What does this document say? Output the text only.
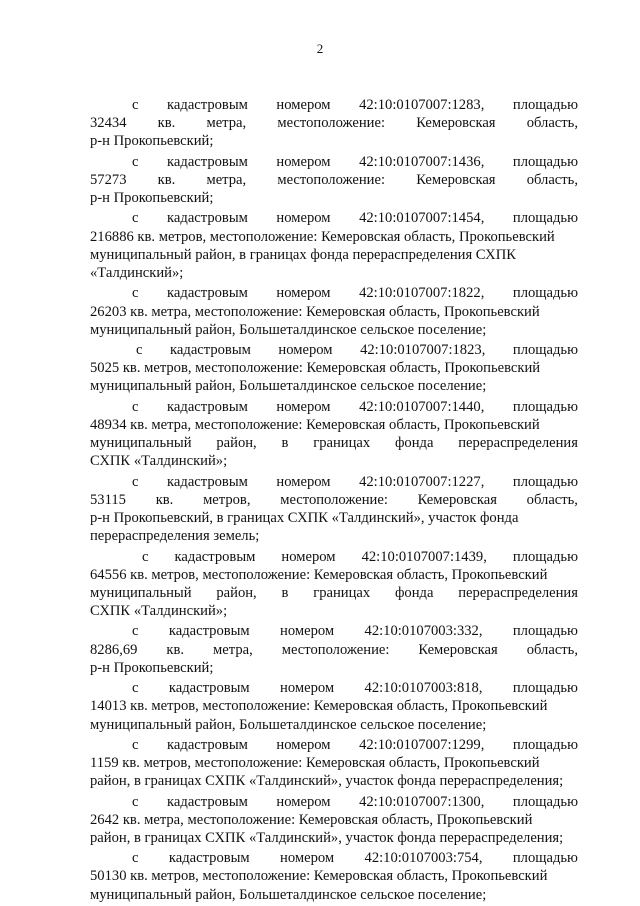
2
с кадастровым номером 42:10:0107007:1283, площадью
32434 кв. метра, местоположение: Кемеровская область,
р-н Прокопьевский;
с кадастровым номером 42:10:0107007:1436, площадью
57273 кв. метра, местоположение: Кемеровская область,
р-н Прокопьевский;
с кадастровым номером 42:10:0107007:1454, площадью
216886 кв. метров, местоположение: Кемеровская область, Прокопьевский
муниципальный район, в границах фонда перераспределения СХПК
«Талдинский»;
с кадастровым номером 42:10:0107007:1822, площадью
26203 кв. метра, местоположение: Кемеровская область, Прокопьевский
муниципальный район, Большеталдинское сельское поселение;
с кадастровым номером 42:10:0107007:1823, площадью
5025 кв. метров, местоположение: Кемеровская область, Прокопьевский
муниципальный район, Большеталдинское сельское поселение;
с кадастровым номером 42:10:0107007:1440, площадью
48934 кв. метра, местоположение: Кемеровская область, Прокопьевский
муниципальный район, в границах фонда перераспределения
СХПК «Талдинский»;
с кадастровым номером 42:10:0107007:1227, площадью
53115 кв. метров, местоположение: Кемеровская область,
р-н Прокопьевский, в границах СХПК «Талдинский», участок фонда
перераспределения земель;
с кадастровым номером 42:10:0107007:1439, площадью
64556 кв. метров, местоположение: Кемеровская область, Прокопьевский
муниципальный район, в границах фонда перераспределения
СХПК «Талдинский»;
с кадастровым номером 42:10:0107003:332, площадью
8286,69 кв. метра, местоположение: Кемеровская область,
р-н Прокопьевский;
с кадастровым номером 42:10:0107003:818, площадью
14013 кв. метров, местоположение: Кемеровская область, Прокопьевский
муниципальный район, Большеталдинское сельское поселение;
с кадастровым номером 42:10:0107007:1299, площадью
1159 кв. метров, местоположение: Кемеровская область, Прокопьевский
район, в границах СХПК «Талдинский», участок фонда перераспределения;
с кадастровым номером 42:10:0107007:1300, площадью
2642 кв. метра, местоположение: Кемеровская область, Прокопьевский
район, в границах СХПК «Талдинский», участок фонда перераспределения;
с кадастровым номером 42:10:0107003:754, площадью
50130 кв. метров, местоположение: Кемеровская область, Прокопьевский
муниципальный район, Большеталдинское сельское поселение;
